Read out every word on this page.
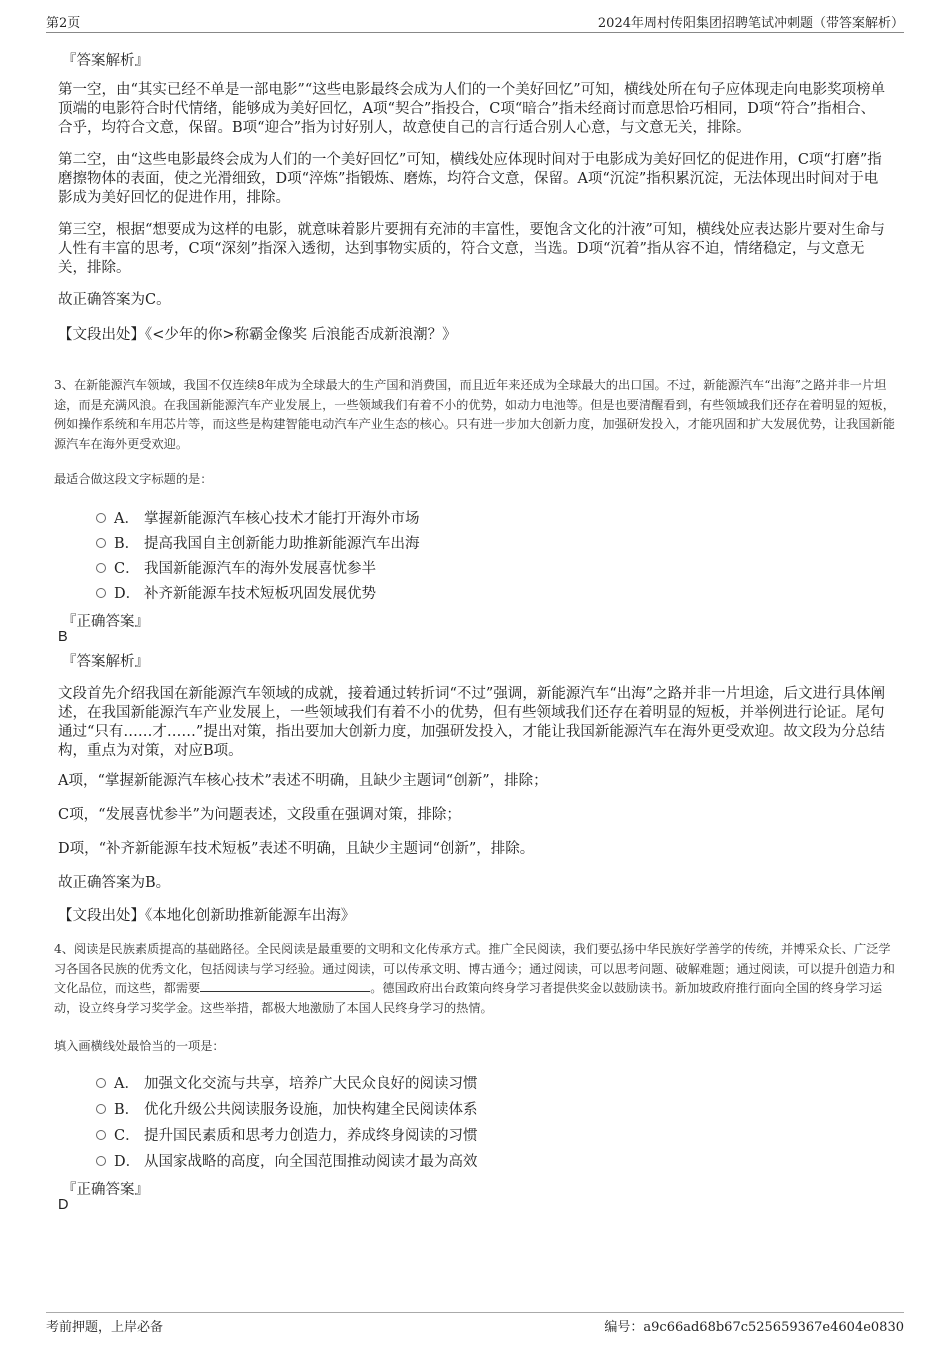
第2页	2024年周村传阳集团招聘笔试冲刺题（带答案解析）
『答案解析』
第一空，由“其实已经不单是一部电影”“这些电影最终会成为人们的一个美好回忆”可知，横线处所在句子应体现走向电影奖项榜单顶端的电影符合时代情绪，能够成为美好回忆，A项“契合”指投合，C项“暗合”指未经商讨而意思恰巧相同，D项“符合”指相合、合乎，均符合文意，保留。B项“迎合”指为讨好别人，故意使自己的言行适合别人心意，与文意无关，排除。
第二空，由“这些电影最终会成为人们的一个美好回忆”可知，横线处应体现时间对于电影成为美好回忆的促进作用，C项“打磨”指磨擦物体的表面，使之光滑细致，D项“淬炼”指锻炼、磨炼，均符合文意，保留。A项“沉淀”指积累沉淀，无法体现出时间对于电影成为美好回忆的促进作用，排除。
第三空，根据“想要成为这样的电影，就意味着影片要拥有充沛的丰富性，要饱含文化的汁液”可知，横线处应表达影片要对生命与人性有丰富的思考，C项“深刻”指深入透彻，达到事物实质的，符合文意，当选。D项“沉着”指从容不迫，情绪稳定，与文意无关，排除。
故正确答案为C。
【文段出处】《<少年的你>称霸金像奖 后浪能否成新浪潮？》
3、在新能源汽车领域，我国不仅连续8年成为全球最大的生产国和消费国，而且近年来还成为全球最大的出口国。不过，新能源汽车“出海”之路并非一片坦途，而是充满风浪。在我国新能源汽车产业发展上，一些领域我们有着不小的优势，如动力电池等。但是也要清醒看到，有些领域我们还存在着明显的短板，例如操作系统和车用芯片等，而这些是构建智能电动汽车产业生态的核心。只有进一步加大创新力度，加强研发投入，才能巩固和扩大发展优势，让我国新能源汽车在海外更受欢迎。
最适合做这段文字标题的是：
A． 掌握新能源汽车核心技术才能打开海外市场
B． 提高我国自主创新能力助推新能源汽车出海
C． 我国新能源汽车的海外发展喜忧参半
D． 补齐新能源车技术短板巩固发展优势
『正确答案』
B
『答案解析』
文段首先介绍我国在新能源汽车领域的成就，接着通过转折词“不过”强调，新能源汽车“出海”之路并非一片坦途，后文进行具体阐述，在我国新能源汽车产业发展上，一些领域我们有着不小的优势，但有些领域我们还存在着明显的短板，并举例进行论证。尾句通过“只有……才……”提出对策，指出要加大创新力度，加强研发投入，才能让我国新能源汽车在海外更受欢迎。故文段为分总结构，重点为对策，对应B项。
A项，“掌握新能源汽车核心技术”表述不明确，且缺少主题词“创新”，排除；
C项，“发展喜忧参半”为问题表述，文段重在强调对策，排除；
D项，“补齐新能源车技术短板”表述不明确，且缺少主题词“创新”，排除。
故正确答案为B。
【文段出处】《本地化创新助推新能源车出海》
4、阅读是民族素质提高的基础路径。全民阅读是最重要的文明和文化传承方式。推广全民阅读，我们要弘扬中华民族好学善学的传统，并博采众长、广泛学习各国各民族的优秀文化，包括阅读与学习经验。通过阅读，可以传承文明、博古通今；通过阅读，可以思考问题、破解难题；通过阅读，可以提升创造力和文化品位，而这些，都需要	。德国政府出台政策向终身学习者提供奖金以鼓励读书。新加坡政府推行面向全国的终身学习运动，设立终身学习奖学金。这些举措，都极大地激励了本国人民终身学习的热情。
填入画横线处最恰当的一项是：
A． 加强文化交流与共享，培养广大民众良好的阅读习惯
B． 优化升级公共阅读服务设施，加快构建全民阅读体系
C． 提升国民素质和思考力创造力，养成终身阅读的习惯
D． 从国家战略的高度，向全国范围推动阅读才最为高效
『正确答案』
D
考前押题，上岸必备	编号：a9c66ad68b67c525659367e4604e0830
